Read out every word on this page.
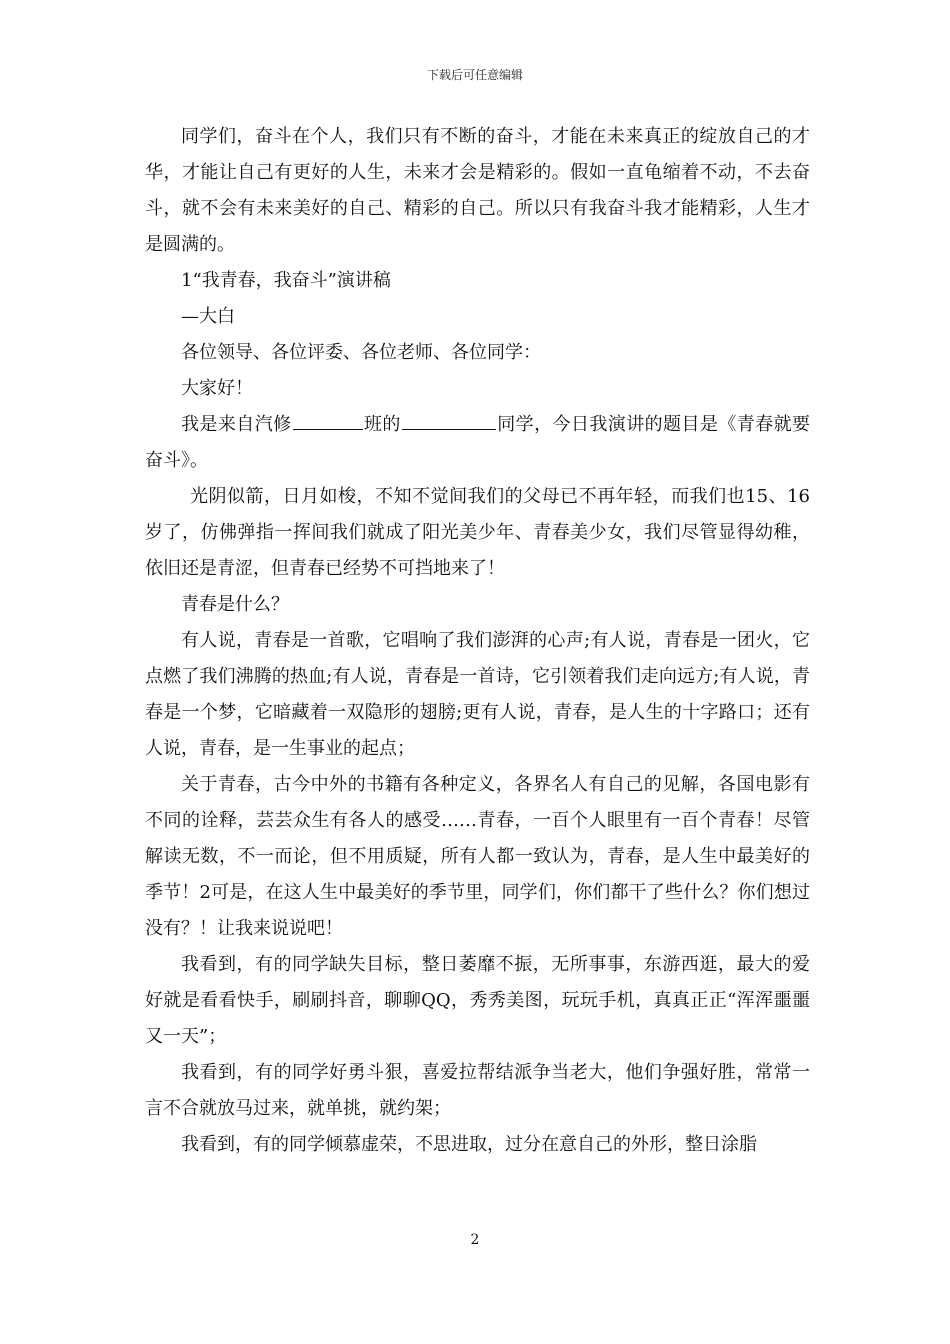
下载后可任意编辑

同学们，奋斗在个人，我们只有不断的奋斗，才能在未来真正的绽放自己的才华，才能让自己有更好的人生，未来才会是精彩的。假如一直龟缩着不动，不去奋斗，就不会有未来美好的自己、精彩的自己。所以只有我奋斗我才能精彩，人生才是圆满的。

1“我青春，我奋斗”演讲稿

—大白

各位领导、各位评委、各位老师、各位同学：

大家好！

我是来自汽修	班的	同学，今日我演讲的题目是《青春就要奋斗》。

光阴似箭，日月如梭，不知不觉间我们的父母已不再年轻，而我们也15、16岁了，仿佛弹指一挥间我们就成了阳光美少年、青春美少女，我们尽管显得幼稚，依旧还是青涩，但青春已经势不可挡地来了！

青春是什么？

有人说，青春是一首歌，它唱响了我们澎湃的心声;有人说，青春是一团火，它点燃了我们沸腾的热血;有人说，青春是一首诗，它引领着我们走向远方;有人说，青春是一个梦，它暗藏着一双隐形的翅膀;更有人说，青春，是人生的十字路口；还有人说，青春，是一生事业的起点；

关于青春，古今中外的书籍有各种定义，各界名人有自己的见解，各国电影有不同的诠释，芸芸众生有各人的感受……青春，一百个人眼里有一百个青春！尽管解读无数，不一而论，但不用质疑，所有人都一致认为，青春，是人生中最美好的季节！2可是，在这人生中最美好的季节里，同学们，你们都干了些什么？你们想过没有？！让我来说说吧！

我看到，有的同学缺失目标，整日萎靡不振，无所事事，东游西逛，最大的爱好就是看看快手，刷刷抖音，聊聊QQ，秀秀美图，玩玩手机，真真正正“浑浑噩噩又一天”；

我看到，有的同学好勇斗狠，喜爱拉帮结派争当老大，他们争强好胜，常常一言不合就放马过来，就单挑，就约架；

我看到，有的同学倾慕虚荣，不思进取，过分在意自己的外形，整日涂脂

2
